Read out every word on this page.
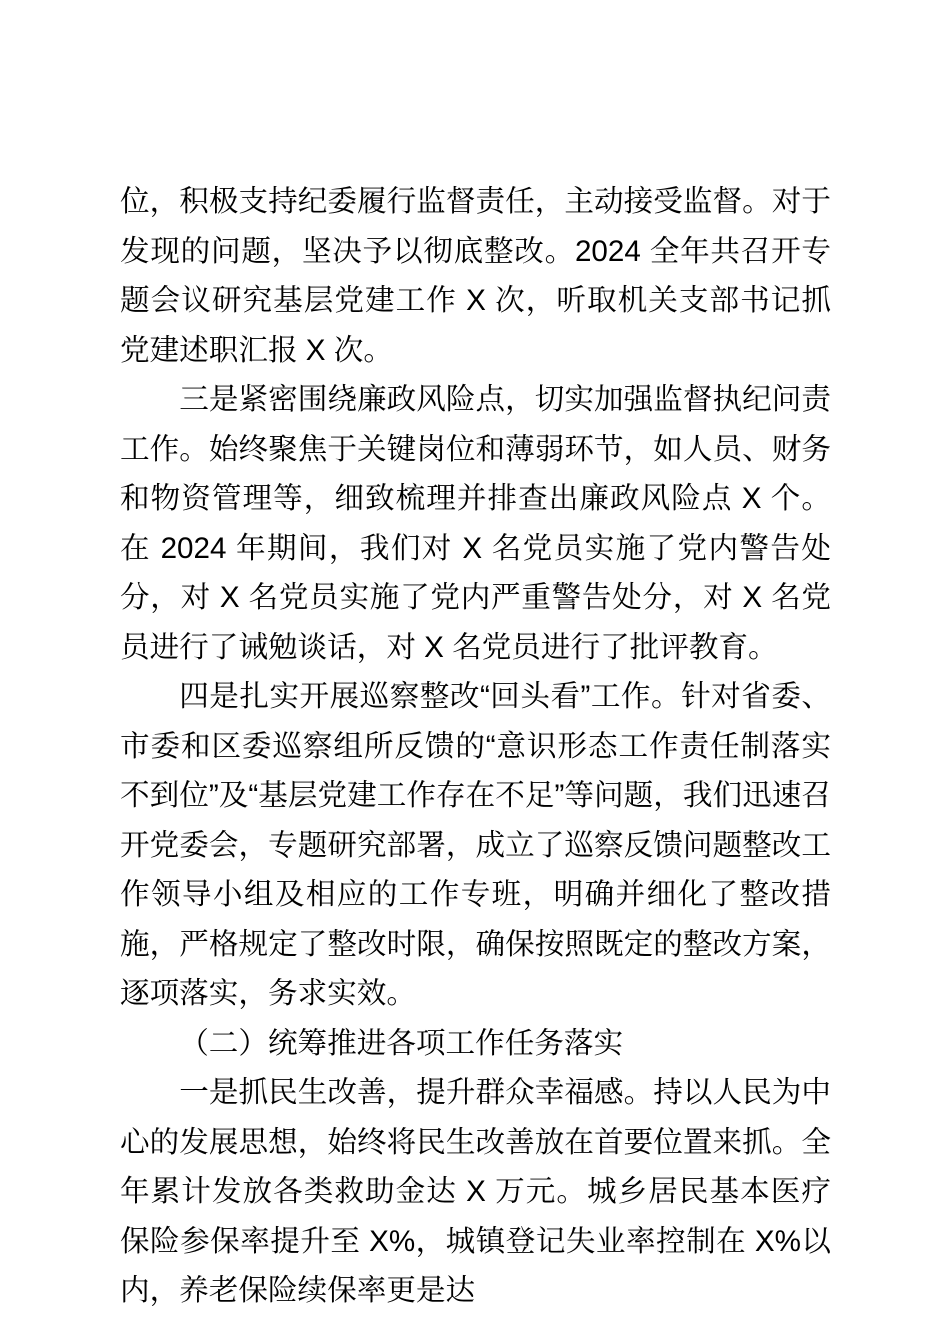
位，积极支持纪委履行监督责任，主动接受监督。对于发现的问题，坚决予以彻底整改。2024 全年共召开专题会议研究基层党建工作 X 次，听取机关支部书记抓党建述职汇报 X 次。

三是紧密围绕廉政风险点，切实加强监督执纪问责工作。始终聚焦于关键岗位和薄弱环节，如人员、财务和物资管理等，细致梳理并排查出廉政风险点 X 个。在 2024 年期间，我们对 X 名党员实施了党内警告处分，对 X 名党员实施了党内严重警告处分，对 X 名党员进行了诫勉谈话，对 X 名党员进行了批评教育。

四是扎实开展巡察整改“回头看”工作。针对省委、市委和区委巡察组所反馈的“意识形态工作责任制落实不到位”及“基层党建工作存在不足”等问题，我们迅速召开党委会，专题研究部署，成立了巡察反馈问题整改工作领导小组及相应的工作专班，明确并细化了整改措施，严格规定了整改时限，确保按照既定的整改方案，逐项落实，务求实效。

（二）统筹推进各项工作任务落实

一是抓民生改善，提升群众幸福感。持以人民为中心的发展思想，始终将民生改善放在首要位置来抓。全年累计发放各类救助金达 X 万元。城乡居民基本医疗保险参保率提升至 X%，城镇登记失业率控制在 X%以内，养老保险续保率更是达
